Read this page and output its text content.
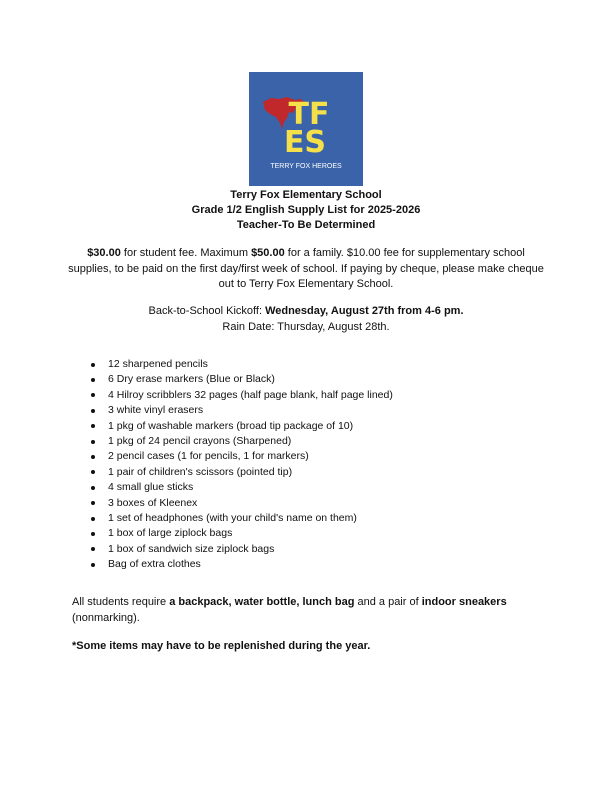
TF
ES
TERRY FOX HEROES
Terry Fox Elementary School
Grade 1/2 English Supply List for 2025-2026
Teacher-To Be Determined
$30.00 for student fee. Maximum $50.00 for a family. $10.00 fee for supplementary school supplies, to be paid on the first day/first week of school. If paying by cheque, please make cheque out to Terry Fox Elementary School.
Back-to-School Kickoff: Wednesday, August 27th from 4-6 pm.
Rain Date: Thursday, August 28th.
12 sharpened pencils
6 Dry erase markers (Blue or Black)
4 Hilroy scribblers 32 pages (half page blank, half page lined)
3 white vinyl erasers
1 pkg of washable markers (broad tip package of 10)
1 pkg of 24 pencil crayons (Sharpened)
2 pencil cases (1 for pencils, 1 for markers)
1 pair of children's scissors (pointed tip)
4 small glue sticks
3 boxes of Kleenex
1 set of headphones (with your child's name on them)
1 box of large ziplock bags
1 box of sandwich size ziplock bags
Bag of extra clothes
All students require a backpack, water bottle, lunch bag and a pair of indoor sneakers (nonmarking).
*Some items may have to be replenished during the year.
